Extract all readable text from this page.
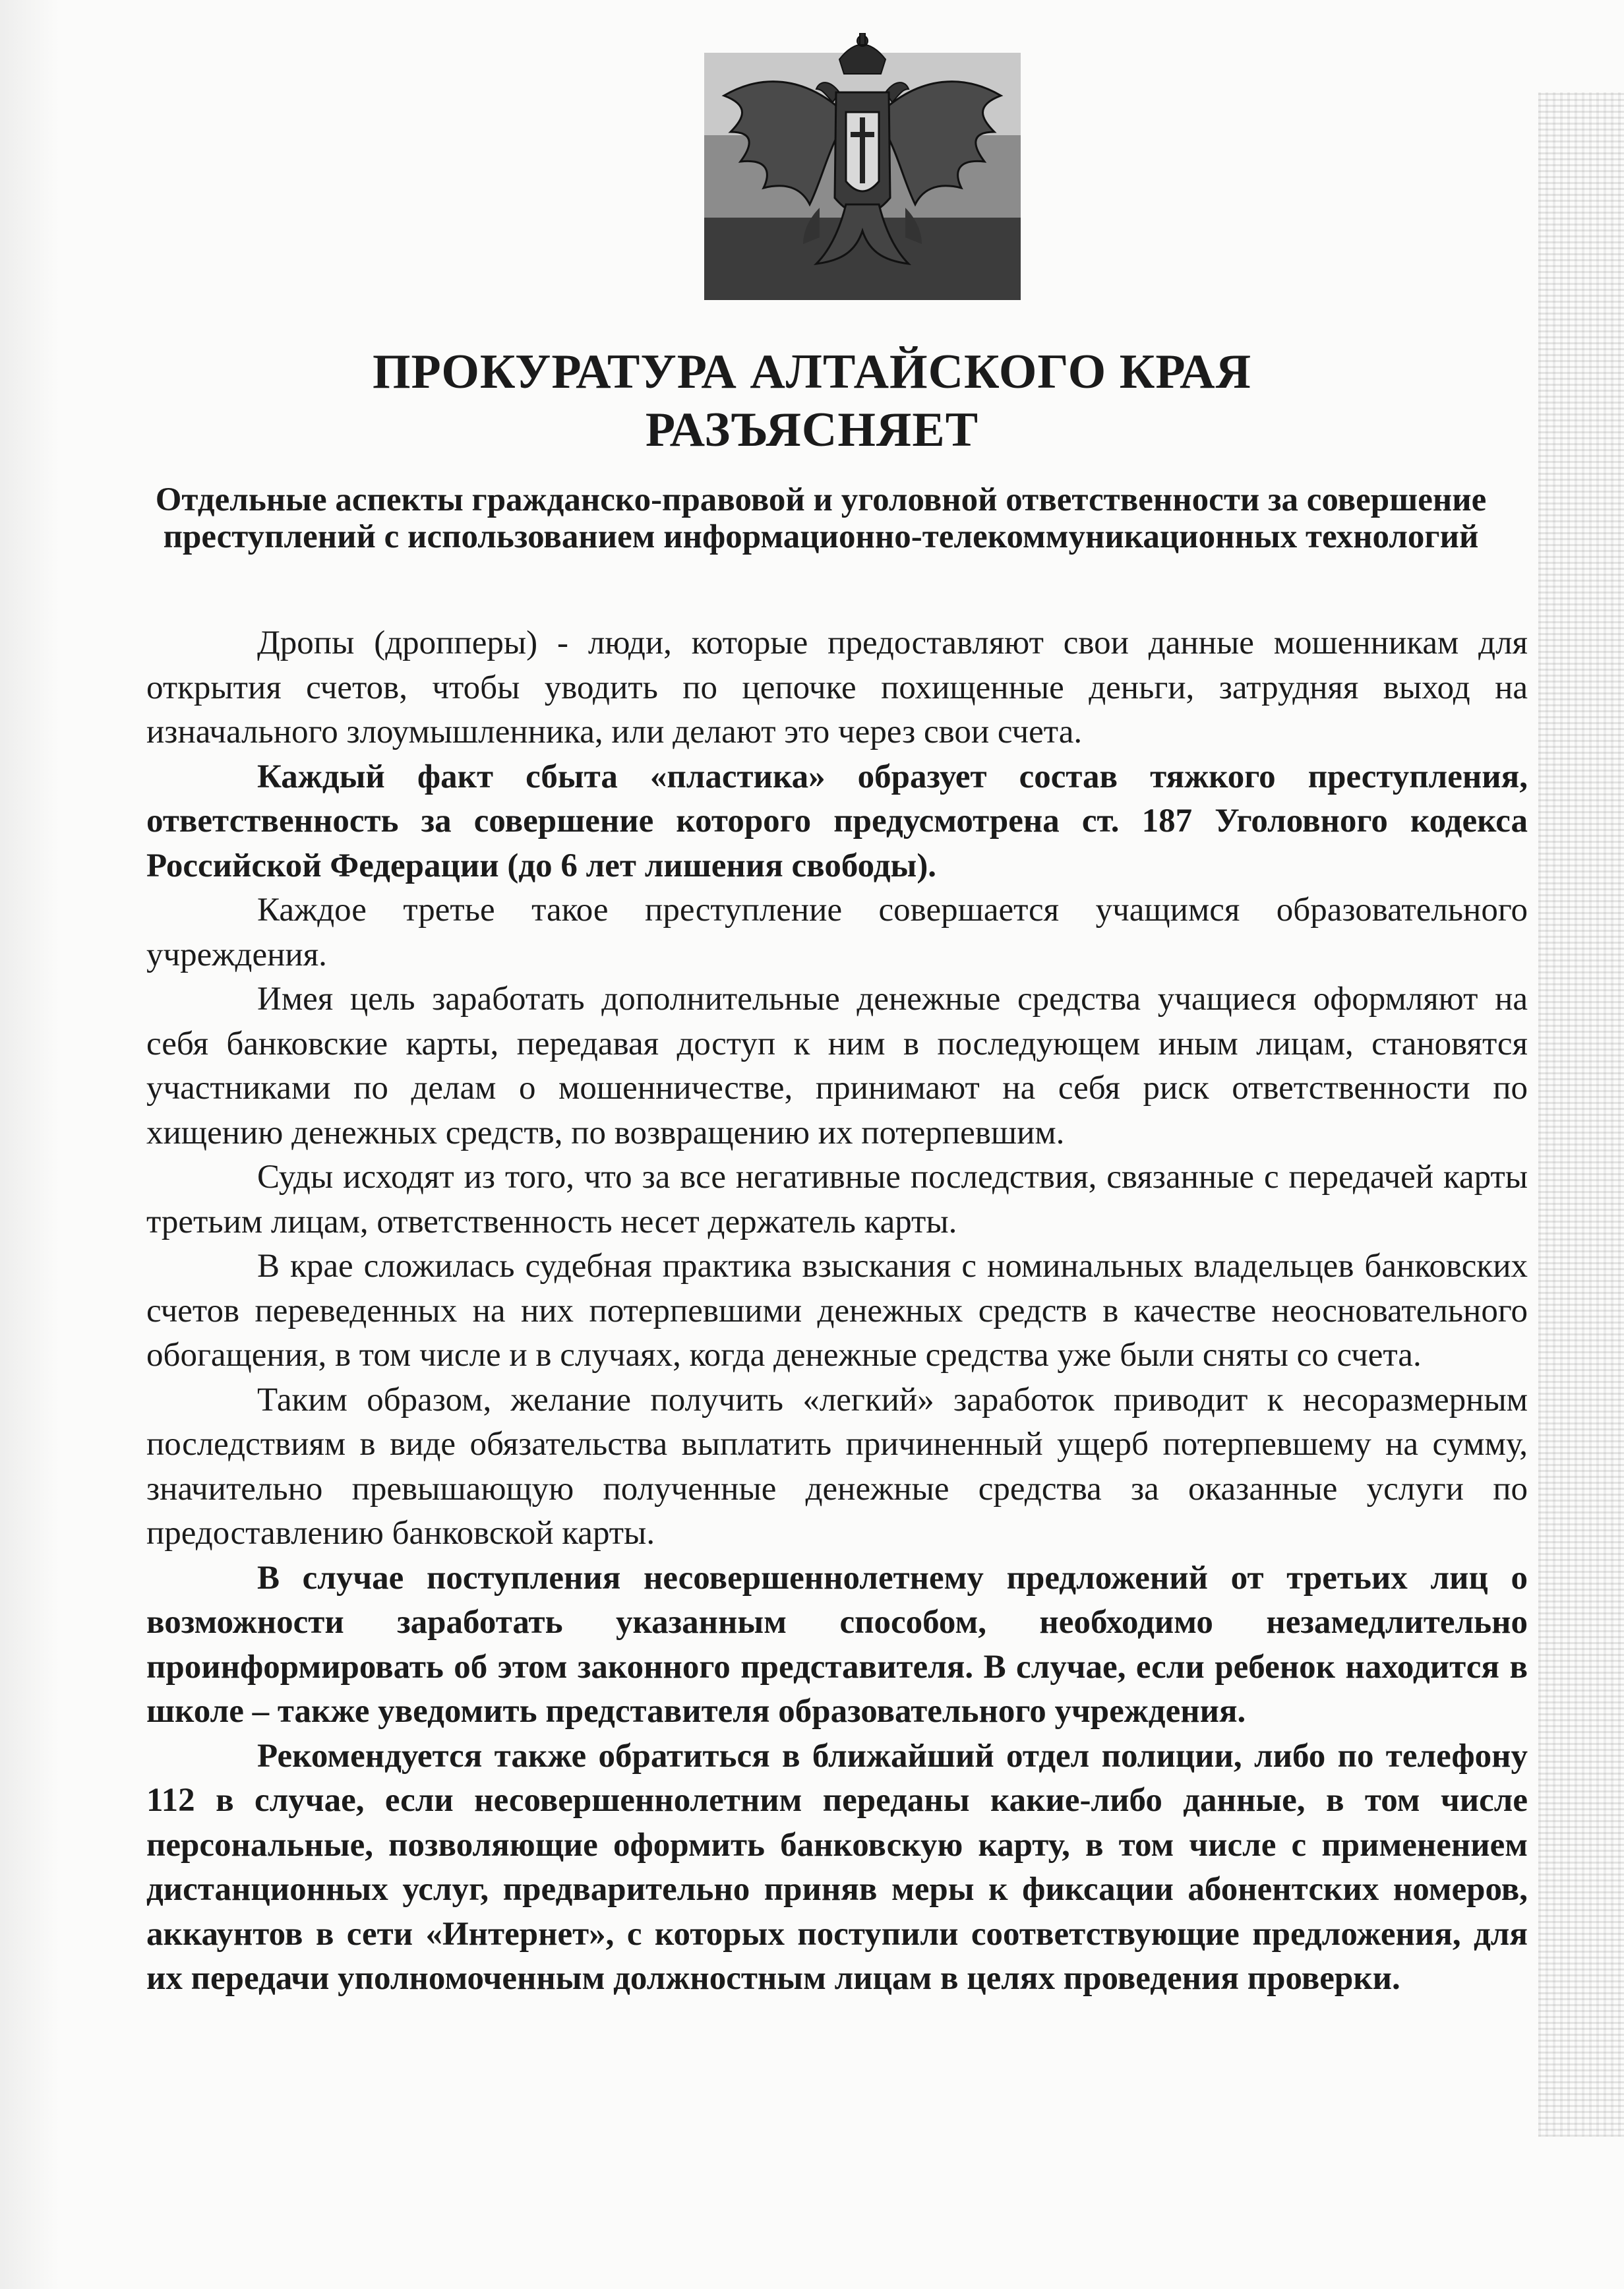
ПРОКУРАТУРА АЛТАЙСКОГО КРАЯ
РАЗЪЯСНЯЕТ
Отдельные аспекты гражданско-правовой и уголовной ответственности за совершение преступлений с использованием информационно-телекоммуникационных технологий

Дропы (дропперы) - люди, которые предоставляют свои данные мошенникам для открытия счетов, чтобы уводить по цепочке похищенные деньги, затрудняя выход на изначального злоумышленника, или делают это через свои счета.

Каждый факт сбыта «пластика» образует состав тяжкого преступления, ответственность за совершение которого предусмотрена ст. 187 Уголовного кодекса Российской Федерации (до 6 лет лишения свободы).

Каждое третье такое преступление совершается учащимся образовательного учреждения.

Имея цель заработать дополнительные денежные средства учащиеся оформляют на себя банковские карты, передавая доступ к ним в последующем иным лицам, становятся участниками по делам о мошенничестве, принимают на себя риск ответственности по хищению денежных средств, по возвращению их потерпевшим.

Суды исходят из того, что за все негативные последствия, связанные с передачей карты третьим лицам, ответственность несет держатель карты.

В крае сложилась судебная практика взыскания с номинальных владельцев банковских счетов переведенных на них потерпевшими денежных средств в качестве неосновательного обогащения, в том числе и в случаях, когда денежные средства уже были сняты со счета.

Таким образом, желание получить «легкий» заработок приводит к несоразмерным последствиям в виде обязательства выплатить причиненный ущерб потерпевшему на сумму, значительно превышающую полученные денежные средства за оказанные услуги по предоставлению банковской карты.

В случае поступления несовершеннолетнему предложений от третьих лиц о возможности заработать указанным способом, необходимо незамедлительно проинформировать об этом законного представителя. В случае, если ребенок находится в школе – также уведомить представителя образовательного учреждения.

Рекомендуется также обратиться в ближайший отдел полиции, либо по телефону 112 в случае, если несовершеннолетним переданы какие-либо данные, в том числе персональные, позволяющие оформить банковскую карту, в том числе с применением дистанционных услуг, предварительно приняв меры к фиксации абонентских номеров, аккаунтов в сети «Интернет», с которых поступили соответствующие предложения, для их передачи уполномоченным должностным лицам в целях проведения проверки.
